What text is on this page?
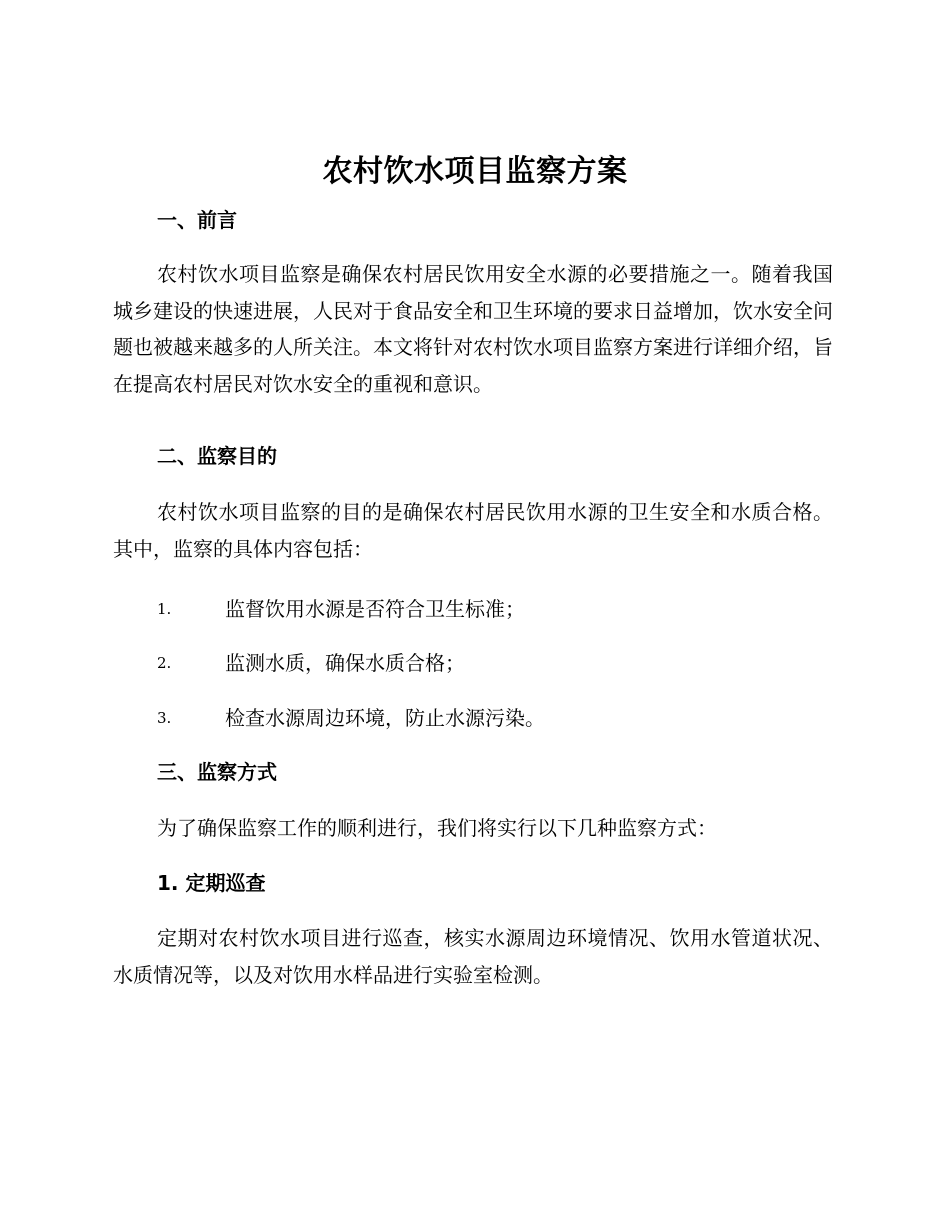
农村饮水项目监察方案
一、前言

农村饮水项目监察是确保农村居民饮用安全水源的必要措施之一。随着我国城乡建设的快速进展，人民对于食品安全和卫生环境的要求日益增加，饮水安全问题也被越来越多的人所关注。本文将针对农村饮水项目监察方案进行详细介绍，旨在提高农村居民对饮水安全的重视和意识。

二、监察目的

农村饮水项目监察的目的是确保农村居民饮用水源的卫生安全和水质合格。其中，监察的具体内容包括：

1.	监督饮用水源是否符合卫生标准；
2.	监测水质，确保水质合格；
3.	检查水源周边环境，防止水源污染。
三、监察方式

为了确保监察工作的顺利进行，我们将实行以下几种监察方式：

1. 定期巡查

定期对农村饮水项目进行巡查，核实水源周边环境情况、饮用水管道状况、水质情况等，以及对饮用水样品进行实验室检测。
